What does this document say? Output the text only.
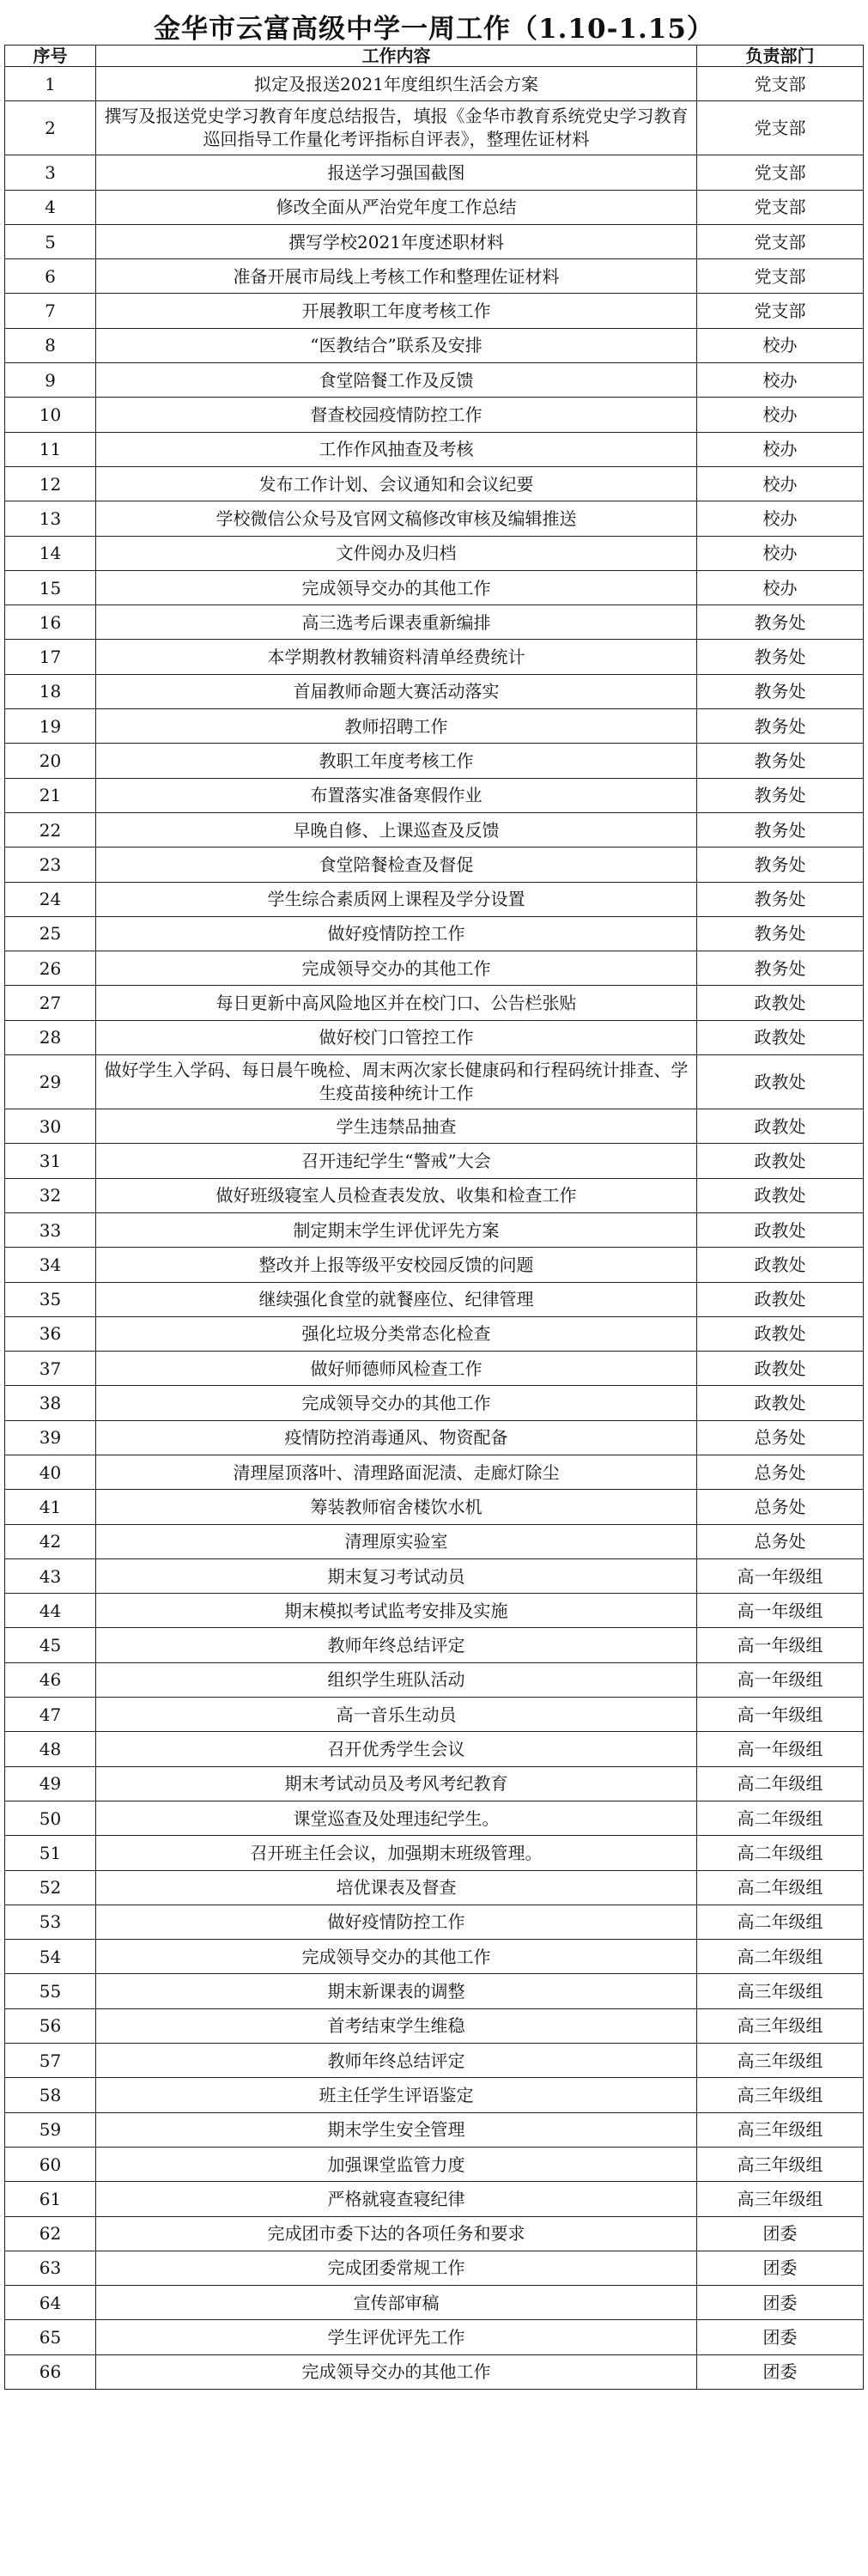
金华市云富高级中学一周工作（1.10-1.15）
序号	工作内容	负责部门
1	拟定及报送2021年度组织生活会方案	党支部
2	撰写及报送党史学习教育年度总结报告，填报《金华市教育系统党史学习教育巡回指导工作量化考评指标自评表》，整理佐证材料	党支部
3	报送学习强国截图	党支部
4	修改全面从严治党年度工作总结	党支部
5	撰写学校2021年度述职材料	党支部
6	准备开展市局线上考核工作和整理佐证材料	党支部
7	开展教职工年度考核工作	党支部
8	“医教结合”联系及安排	校办
9	食堂陪餐工作及反馈	校办
10	督查校园疫情防控工作	校办
11	工作作风抽查及考核	校办
12	发布工作计划、会议通知和会议纪要	校办
13	学校微信公众号及官网文稿修改审核及编辑推送	校办
14	文件阅办及归档	校办
15	完成领导交办的其他工作	校办
16	高三选考后课表重新编排	教务处
17	本学期教材教辅资料清单经费统计	教务处
18	首届教师命题大赛活动落实	教务处
19	教师招聘工作	教务处
20	教职工年度考核工作	教务处
21	布置落实准备寒假作业	教务处
22	早晚自修、上课巡查及反馈	教务处
23	食堂陪餐检查及督促	教务处
24	学生综合素质网上课程及学分设置	教务处
25	做好疫情防控工作	教务处
26	完成领导交办的其他工作	教务处
27	每日更新中高风险地区并在校门口、公告栏张贴	政教处
28	做好校门口管控工作	政教处
29	做好学生入学码、每日晨午晚检、周末两次家长健康码和行程码统计排查、学生疫苗接种统计工作	政教处
30	学生违禁品抽查	政教处
31	召开违纪学生“警戒”大会	政教处
32	做好班级寝室人员检查表发放、收集和检查工作	政教处
33	制定期末学生评优评先方案	政教处
34	整改并上报等级平安校园反馈的问题	政教处
35	继续强化食堂的就餐座位、纪律管理	政教处
36	强化垃圾分类常态化检查	政教处
37	做好师德师风检查工作	政教处
38	完成领导交办的其他工作	政教处
39	疫情防控消毒通风、物资配备	总务处
40	清理屋顶落叶、清理路面泥渍、走廊灯除尘	总务处
41	筹装教师宿舍楼饮水机	总务处
42	清理原实验室	总务处
43	期末复习考试动员	高一年级组
44	期末模拟考试监考安排及实施	高一年级组
45	教师年终总结评定	高一年级组
46	组织学生班队活动	高一年级组
47	高一音乐生动员	高一年级组
48	召开优秀学生会议	高一年级组
49	期末考试动员及考风考纪教育	高二年级组
50	课堂巡查及处理违纪学生。	高二年级组
51	召开班主任会议，加强期末班级管理。	高二年级组
52	培优课表及督查	高二年级组
53	做好疫情防控工作	高二年级组
54	完成领导交办的其他工作	高二年级组
55	期末新课表的调整	高三年级组
56	首考结束学生维稳	高三年级组
57	教师年终总结评定	高三年级组
58	班主任学生评语鉴定	高三年级组
59	期末学生安全管理	高三年级组
60	加强课堂监管力度	高三年级组
61	严格就寝查寝纪律	高三年级组
62	完成团市委下达的各项任务和要求	团委
63	完成团委常规工作	团委
64	宣传部审稿	团委
65	学生评优评先工作	团委
66	完成领导交办的其他工作	团委
